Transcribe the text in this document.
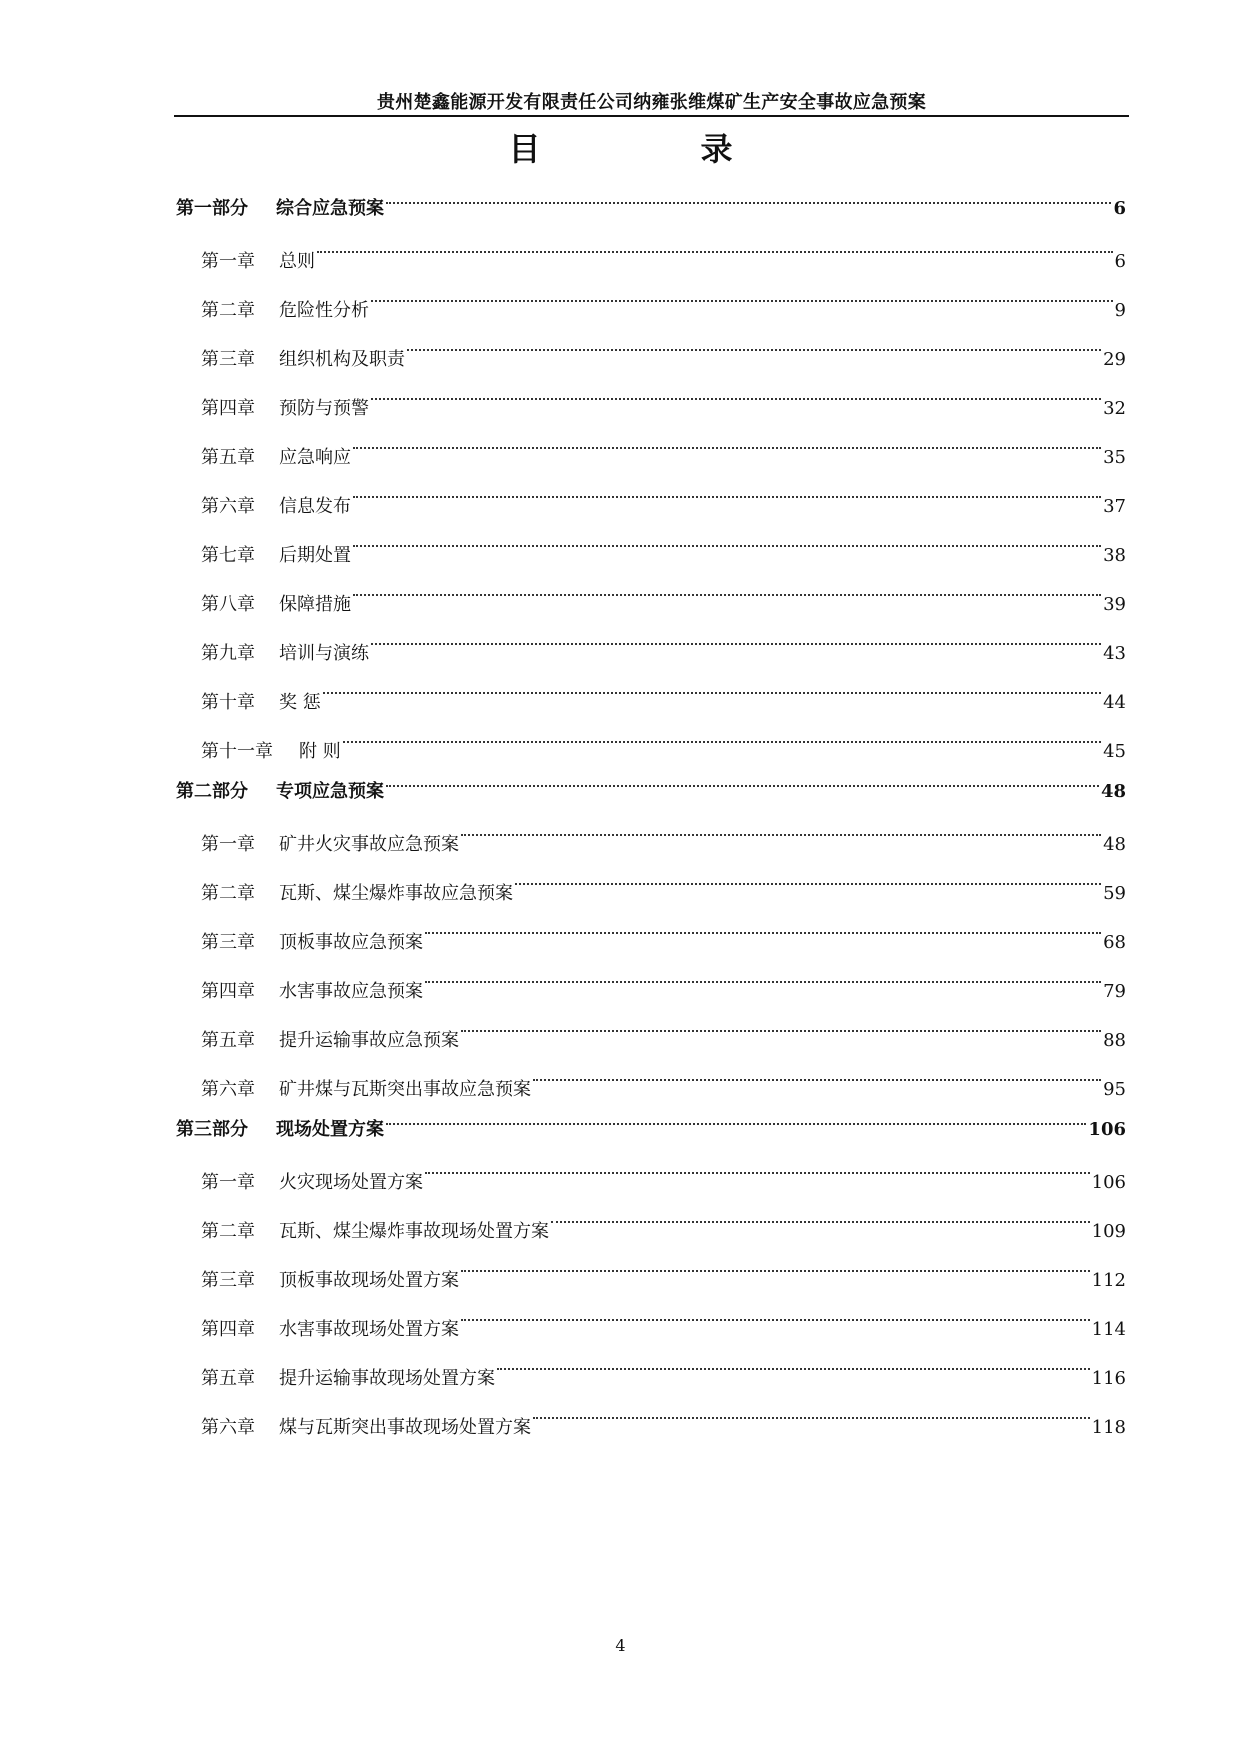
贵州楚鑫能源开发有限责任公司纳雍张维煤矿生产安全事故应急预案
目录
第一部分 综合应急预案	6
第一章 总则	6
第二章 危险性分析	9
第三章 组织机构及职责	29
第四章 预防与预警	32
第五章 应急响应	35
第六章 信息发布	37
第七章 后期处置	38
第八章 保障措施	39
第九章 培训与演练	43
第十章 奖 惩	44
第十一章 附 则	45
第二部分 专项应急预案	48
第一章 矿井火灾事故应急预案	48
第二章 瓦斯、煤尘爆炸事故应急预案	59
第三章 顶板事故应急预案	68
第四章 水害事故应急预案	79
第五章 提升运输事故应急预案	88
第六章 矿井煤与瓦斯突出事故应急预案	95
第三部分 现场处置方案	106
第一章 火灾现场处置方案	106
第二章 瓦斯、煤尘爆炸事故现场处置方案	109
第三章 顶板事故现场处置方案	112
第四章 水害事故现场处置方案	114
第五章 提升运输事故现场处置方案	116
第六章 煤与瓦斯突出事故现场处置方案	118
4
